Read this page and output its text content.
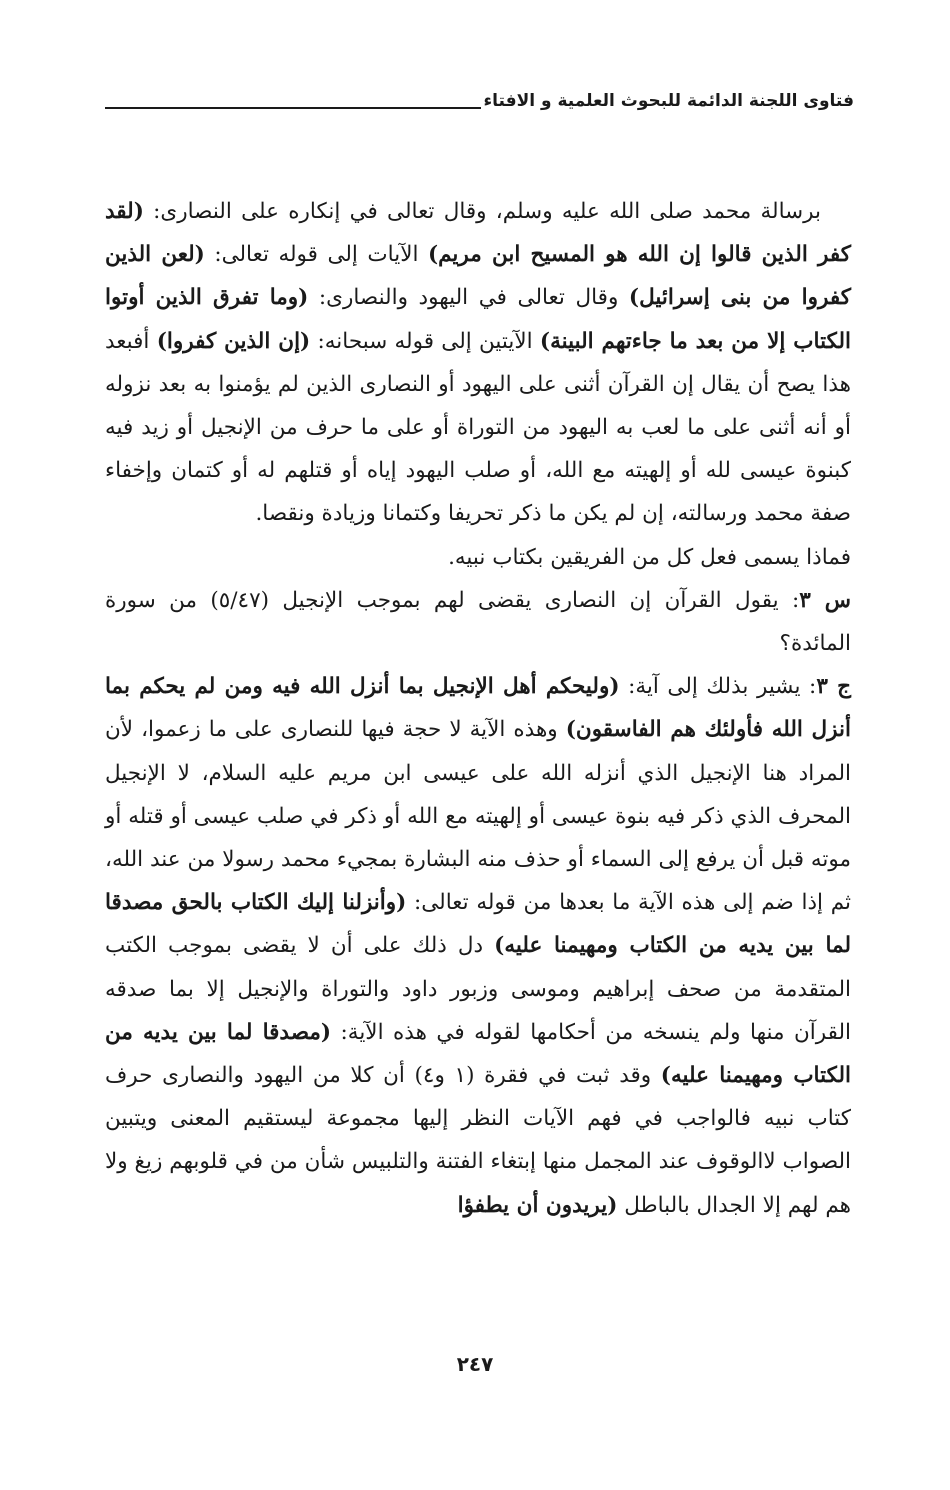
فتاوى اللجنة الدائمة للبحوث العلمية و الافتاء

برسالة محمد صلى الله عليه وسلم، وقال تعالى في إنكاره على النصارى: (لقد كفر الذين قالوا إن الله هو المسيح ابن مريم) الآيات إلى قوله تعالى: (لعن الذين كفروا من بنى إسرائيل) وقال تعالى في اليهود والنصارى: (وما تفرق الذين أوتوا الكتاب إلا من بعد ما جاءتهم البينة) الآيتين إلى قوله سبحانه: (إن الذين كفروا) أفبعد هذا يصح أن يقال إن القرآن أثنى على اليهود أو النصارى الذين لم يؤمنوا به بعد نزوله أو أنه أثنى على ما لعب به اليهود من التوراة أو على ما حرف من الإنجيل أو زيد فيه كبنوة عيسى لله أو إلهيته مع الله، أو صلب اليهود إياه أو قتلهم له أو كتمان وإخفاء صفة محمد ورسالته، إن لم يكن ما ذكر تحريفا وكتمانا وزيادة ونقصا.

فماذا يسمى فعل كل من الفريقين بكتاب نبيه.

س ٣: يقول القرآن إن النصارى يقضى لهم بموجب الإنجيل (٥/٤٧) من سورة المائدة؟

ج ٣: يشير بذلك إلى آية: (وليحكم أهل الإنجيل بما أنزل الله فيه ومن لم يحكم بما أنزل الله فأولئك هم الفاسقون) وهذه الآية لا حجة فيها للنصارى على ما زعموا، لأن المراد هنا الإنجيل الذي أنزله الله على عيسى ابن مريم عليه السلام، لا الإنجيل المحرف الذي ذكر فيه بنوة عيسى أو إلهيته مع الله أو ذكر في صلب عيسى أو قتله أو موته قبل أن يرفع إلى السماء أو حذف منه البشارة بمجيء محمد رسولا من عند الله، ثم إذا ضم إلى هذه الآية ما بعدها من قوله تعالى: (وأنزلنا إليك الكتاب بالحق مصدقا لما بين يديه من الكتاب ومهيمنا عليه) دل ذلك على أن لا يقضى بموجب الكتب المتقدمة من صحف إبراهيم وموسى وزبور داود والتوراة والإنجيل إلا بما صدقه القرآن منها ولم ينسخه من أحكامها لقوله في هذه الآية: (مصدقا لما بين يديه من الكتاب ومهيمنا عليه) وقد ثبت في فقرة (١ و٤) أن كلا من اليهود والنصارى حرف كتاب نبيه فالواجب في فهم الآيات النظر إليها مجموعة ليستقيم المعنى ويتبين الصواب لاالوقوف عند المجمل منها إبتغاء الفتنة والتلبيس شأن من في قلوبهم زيغ ولا هم لهم إلا الجدال بالباطل (يريدون أن يطفؤا

٢٤٧
